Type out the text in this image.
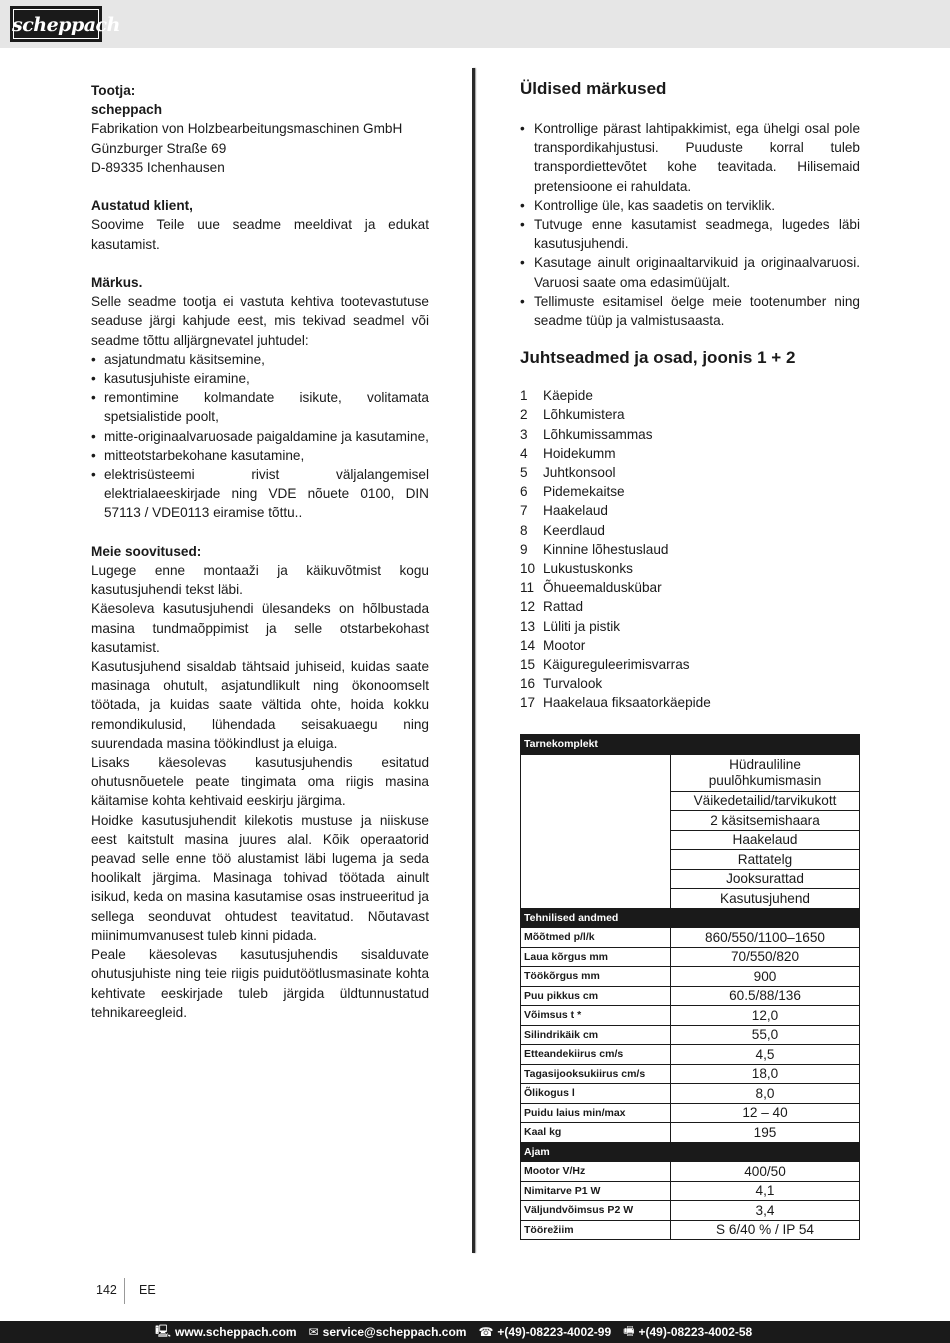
scheppach

Tootja:

scheppach

Fabrikation von Holzbearbeitungsmaschinen GmbH

Günzburger Straße 69

D-89335 Ichenhausen

Austatud klient,

Soovime Teile uue seadme meeldivat ja edukat kasutamist.

Märkus.

Selle seadme tootja ei vastuta kehtiva tootevastutuse seaduse järgi kahjude eest, mis tekivad seadmel või seadme tõttu alljärgnevatel juhtudel:

• asjatundmatu käsitsemine,
• kasutusjuhiste eiramine,
• remontimine kolmandate isikute, volitamata spetsialistide poolt,
• mitte-originaalvaruosade paigaldamine ja kasutamine,
• mitteotstarbekohane kasutamine,
• elektrisüsteemi rivist väljalangemisel elektrialaeeskirjade ning VDE nõuete 0100, DIN 57113 / VDE0113 eiramise tõttu..

Meie soovitused:

Lugege enne montaaži ja käikuvõtmist kogu kasutusjuhendi tekst läbi.

Käesoleva kasutusjuhendi ülesandeks on hõlbustada masina tundmaõppimist ja selle otstarbekohast kasutamist.

Kasutusjuhend sisaldab tähtsaid juhiseid, kuidas saate masinaga ohutult, asjatundlikult ning ökonoomselt töötada, ja kuidas saate vältida ohte, hoida kokku remondikulusid, lühendada seisakuaegu ning suurendada masina töökindlust ja eluiga.

Lisaks käesolevas kasutusjuhendis esitatud ohutusnõuetele peate tingimata oma riigis masina käitamise kohta kehtivaid eeskirju järgima.

Hoidke kasutusjuhendit kilekotis mustuse ja niiskuse eest kaitstult masina juures alal. Kõik operaatorid peavad selle enne töö alustamist läbi lugema ja seda hoolikalt järgima. Masinaga tohivad töötada ainult isikud, keda on masina kasutamise osas instrueeritud ja sellega seonduvat ohtudest teavitatud. Nõutavast miinimumvanusest tuleb kinni pidada.

Peale käesolevas kasutusjuhendis sisalduvate ohutusjuhiste ning teie riigis puidutöötlusmasinate kohta kehtivate eeskirjade tuleb järgida üldtunnustatud tehnikareegleid.

Üldised märkused
• Kontrollige pärast lahtipakkimist, ega ühelgi osal pole transpordikahjustusi. Puuduste korral tuleb transpordiettevõtet kohe teavitada. Hilisemaid pretensioone ei rahuldata.
• Kontrollige üle, kas saadetis on terviklik.
• Tutvuge enne kasutamist seadmega, lugedes läbi kasutusjuhendi.
• Kasutage ainult originaaltarvikuid ja originaalvaruosi. Varuosi saate oma edasimüüjalt.
• Tellimuste esitamisel öelge meie tootenumber ning seadme tüüp ja valmistusaasta.
Juhtseadmed ja osad, joonis 1 + 2
1	Käepide
2	Lõhkumistera
3	Lõhkumissammas
4	Hoidekumm
5	Juhtkonsool
6	Pidemekaitse
7	Haakelaud
8	Keerdlaud
9	Kinnine lõhestuslaud
10 Lukustuskonks
11 Õhueemalduskübar
12 Rattad
13 Lüliti ja pistik
14 Mootor
15 Käigureguleerimisvarras
16 Turvalook
17 Haakelaua fiksaatorkäepide
Tarnekomplekt	
	Hüdrauliline puulõhkumismasin
	Väikedetailid/tarvikukott
	2 käsitsemishaara
	Haakelaud
	Rattatelg
	Jooksurattad
	Kasutusjuhend
Tehnilised andmed	
Mõõtmed p/l/k	860/550/1100–1650
Laua kõrgus mm	70/550/820
Töökõrgus mm	900
Puu pikkus cm	60.5/88/136
Võimsus t *	12,0
Silindrikäik cm	55,0
Etteandekiirus cm/s	4,5
Tagasijooksukiirus cm/s	18,0
Õlikogus l	8,0
Puidu laius min/max	12 – 40
Kaal kg	195
Ajam	
Mootor V/Hz	400/50
Nimitarve P1 W	4,1
Väljundvõimsus P2 W	3,4
Töörežiim	S 6/40 % / IP 54
142 EE
🖳 www.scheppach.com ✉ service@scheppach.com ☎ +(49)-08223-4002-99 🖷 +(49)-08223-4002-58
